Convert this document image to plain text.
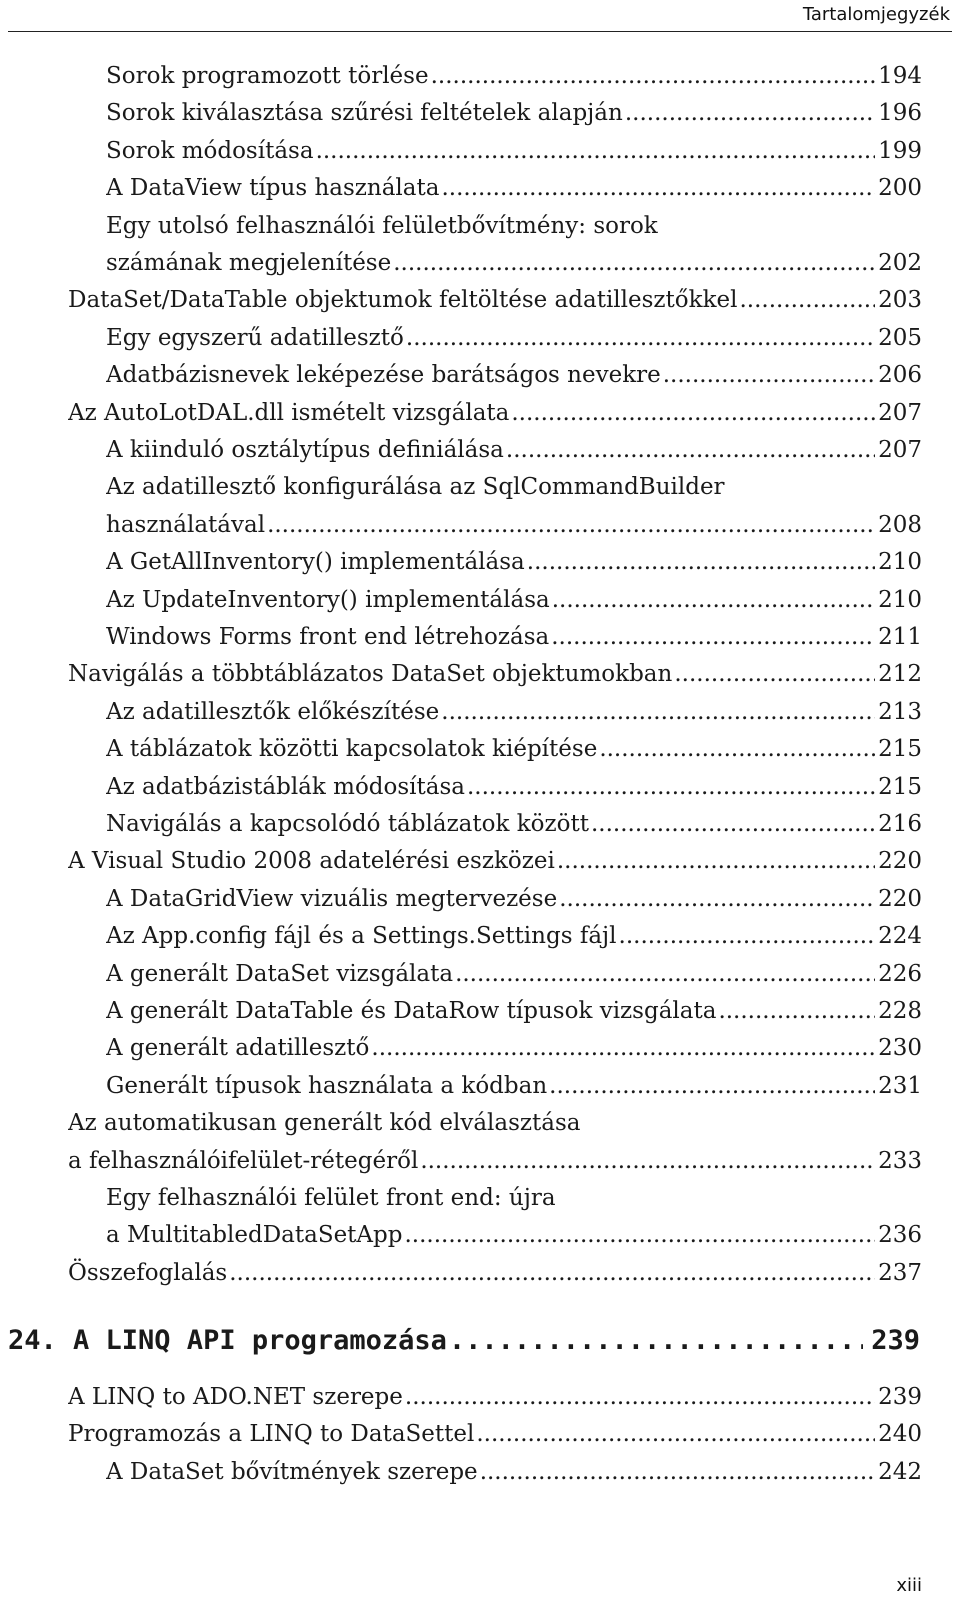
Tartalomjegyzék
Sorok programozott törlése .....	194
Sorok kiválasztása szűrési feltételek alapján .....	196
Sorok módosítása .....	199
A DataView típus használata .....	200
Egy utolsó felhasználói felületbővítmény: sorok
számának megjelenítése .....	202
DataSet/DataTable objektumok feltöltése adatillesztőkkel .....	203
Egy egyszerű adatillesztő .....	205
Adatbázisnevek leképezése barátságos nevekre .....	206
Az AutoLotDAL.dll ismételt vizsgálata .....	207
A kiinduló osztálytípus definiálása .....	207
Az adatillesztő konfigurálása az SqlCommandBuilder
használatával .....	208
A GetAllInventory() implementálása .....	210
Az UpdateInventory() implementálása .....	210
Windows Forms front end létrehozása .....	211
Navigálás a többtáblázatos DataSet objektumokban .....	212
Az adatillesztők előkészítése .....	213
A táblázatok közötti kapcsolatok kiépítése .....	215
Az adatbázistáblák módosítása .....	215
Navigálás a kapcsolódó táblázatok között .....	216
A Visual Studio 2008 adatelérési eszközei .....	220
A DataGridView vizuális megtervezése .....	220
Az App.config fájl és a Settings.Settings fájl .....	224
A generált DataSet vizsgálata .....	226
A generált DataTable és DataRow típusok vizsgálata .....	228
A generált adatillesztő .....	230
Generált típusok használata a kódban .....	231
Az automatikusan generált kód elválasztása
a felhasználóifelület-rétegéről .....	233
Egy felhasználói felület front end: újra
a MultitabledDataSetApp .....	236
Összefoglalás .....	237
24. A LINQ API programozása .....	239
A LINQ to ADO.NET szerepe .....	239
Programozás a LINQ to DataSettel .....	240
A DataSet bővítmények szerepe .....	242
xiii
